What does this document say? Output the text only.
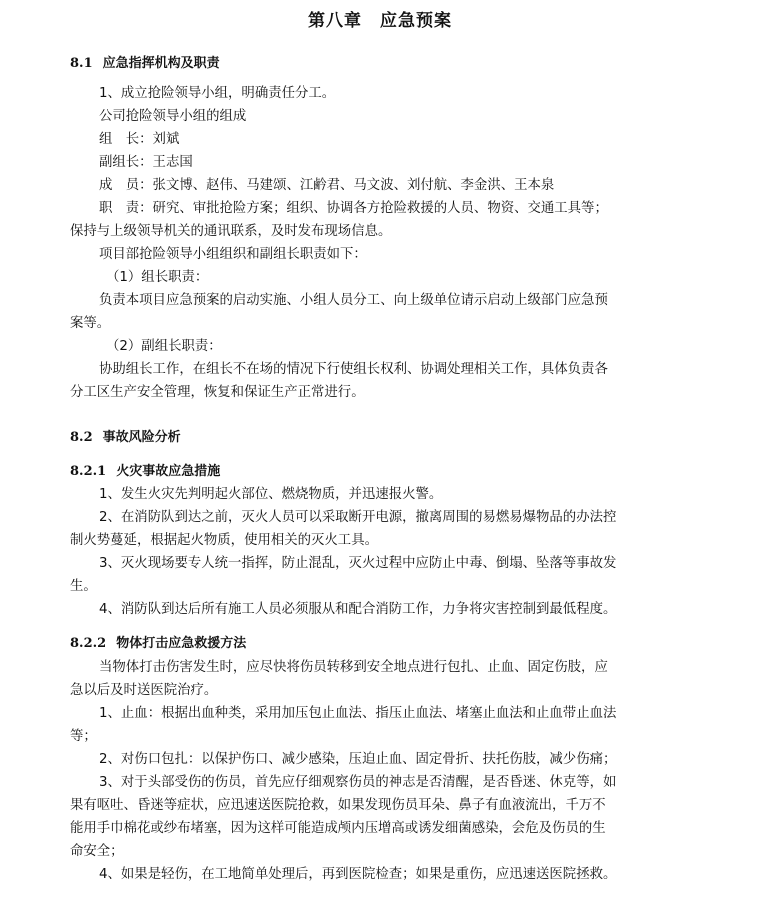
第八章　应急预案
8.1 应急指挥机构及职责
1、成立抢险领导小组，明确责任分工。
公司抢险领导小组的组成
组　长：刘斌
副组长：王志国
成　员：张文博、赵伟、马建颂、江鹶君、马文波、刘付航、李金洪、王本泉
职　责：研究、审批抢险方案；组织、协调各方抢险救援的人员、物资、交通工具等；
保持与上级领导机关的通讯联系，及时发布现场信息。
项目部抢险领导小组组织和副组长职责如下：
（1）组长职责：
负责本项目应急预案的启动实施、小组人员分工、向上级单位请示启动上级部门应急预
案等。
（2）副组长职责：
协助组长工作，在组长不在场的情况下行使组长权利、协调处理相关工作，具体负责各
分工区生产安全管理，恢复和保证生产正常进行。
8.2 事故风险分析
8.2.1 火灾事故应急措施
1、发生火灾先判明起火部位、燃烧物质，并迅速报火警。
2、在消防队到达之前，灭火人员可以采取断开电源，撤离周围的易燃易爆物品的办法控
制火势蔓延，根据起火物质，使用相关的灭火工具。
3、灭火现场要专人统一指挥，防止混乱，灭火过程中应防止中毒、倒塌、坠落等事故发
生。
4、消防队到达后所有施工人员必须服从和配合消防工作，力争将灾害控制到最低程度。
8.2.2 物体打击应急救援方法
当物体打击伤害发生时，应尽快将伤员转移到安全地点进行包扎、止血、固定伤肢，应
急以后及时送医院治疗。
1、止血：根据出血种类，采用加压包止血法、指压止血法、堵塞止血法和止血带止血法
等；
2、对伤口包扎：以保护伤口、减少感染，压迫止血、固定骨折、扶托伤肢，减少伤痛；
3、对于头部受伤的伤员，首先应仔细观察伤员的神志是否清醒，是否昏迷、休克等，如
果有呕吐、昏迷等症状，应迅速送医院抢救，如果发现伤员耳朵、鼻子有血液流出，千万不
能用手巾棉花或纱布堵塞，因为这样可能造成颅内压增高或诱发细菌感染，会危及伤员的生
命安全；
4、如果是轻伤，在工地简单处理后，再到医院检查；如果是重伤，应迅速送医院拯救。
